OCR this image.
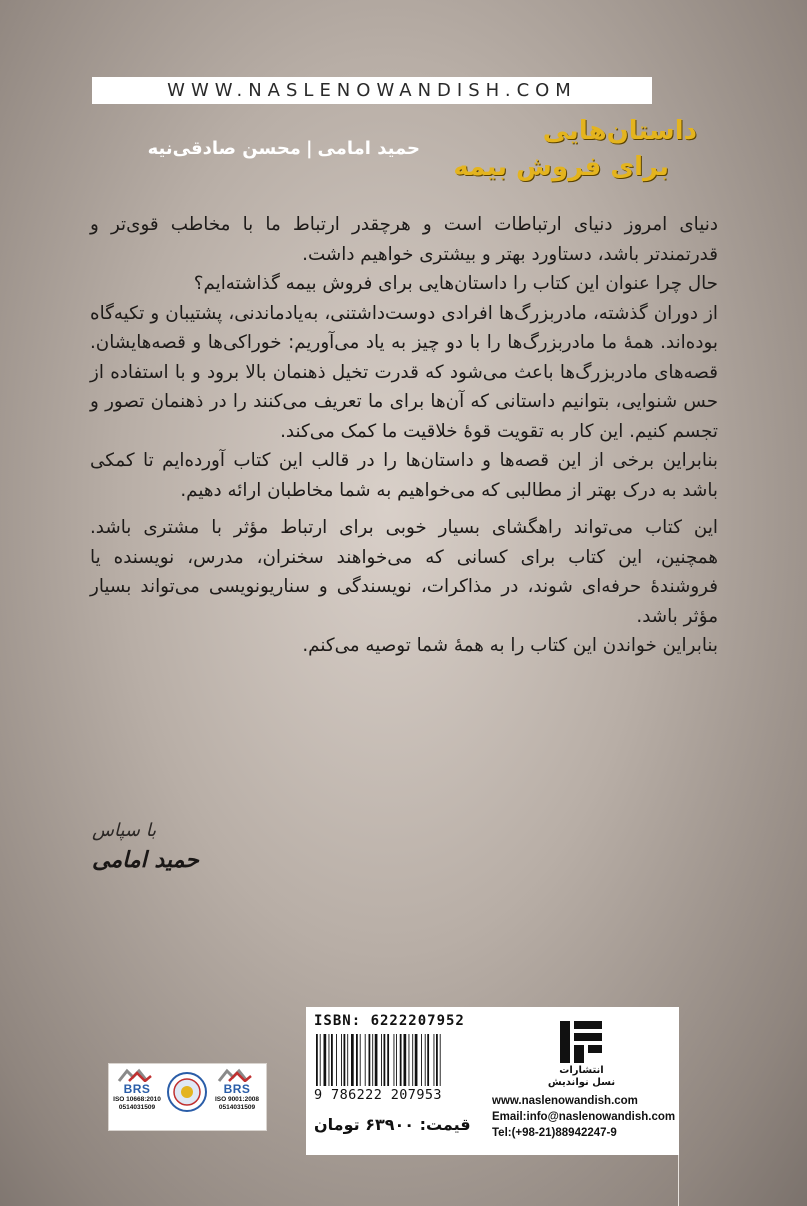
WWW.NASLENOWANDISH.COM
داستان‌هایی
برای فروش بیمه
حمید امامی|محسن صادقی‌نیه

دنیای امروز دنیای ارتباطات است و هرچقدر ارتباط ما با مخاطب قوی‌تر و قدرتمندتر باشد، دستاورد بهتر و بیشتری خواهیم داشت.

حال چرا عنوان این کتاب را داستان‌هایی برای فروش بیمه گذاشته‌ایم؟

از دوران گذشته، مادربزرگ‌ها افرادی دوست‌داشتنی، به‌یادماندنی، پشتیبان و تکیه‌گاه بوده‌اند. همهٔ ما مادربزرگ‌ها را با دو چیز به یاد می‌آوریم: خوراکی‌ها و قصه‌هایشان. قصه‌های مادربزرگ‌ها باعث می‌شود که قدرت تخیل ذهنمان بالا برود و با استفاده از حس شنوایی، بتوانیم داستانی که آن‌ها برای ما تعریف می‌کنند را در ذهنمان تصور و تجسم کنیم. این کار به تقویت قوهٔ خلاقیت ما کمک می‌کند.

بنابراین برخی از این قصه‌ها و داستان‌ها را در قالب این کتاب آورده‌ایم تا کمکی باشد به درک بهتر از مطالبی که می‌خواهیم به شما مخاطبان ارائه دهیم.

این کتاب می‌تواند راهگشای بسیار خوبی برای ارتباط مؤثر با مشتری باشد. همچنین، این کتاب برای کسانی که می‌خواهند سخنران، مدرس، نویسنده یا فروشندهٔ حرفه‌ای شوند، در مذاکرات، نویسندگی و سناریونویسی می‌تواند بسیار مؤثر باشد.

بنابراین خواندن این کتاب را به همهٔ شما توصیه می‌کنم.

با سپاس
حمید امامی
BRS
ISO 10668:2010
0514031509
BRS
ISO 9001:2008
0514031509
ISBN: 6222207952
9 786222 207953
قیمت: ۶۳۹۰۰ تومان
انتشارات
نسل نواندیش
www.naslenowandish.com
Email:info@naslenowandish.com
Tel:(+98-21)88942247-9
